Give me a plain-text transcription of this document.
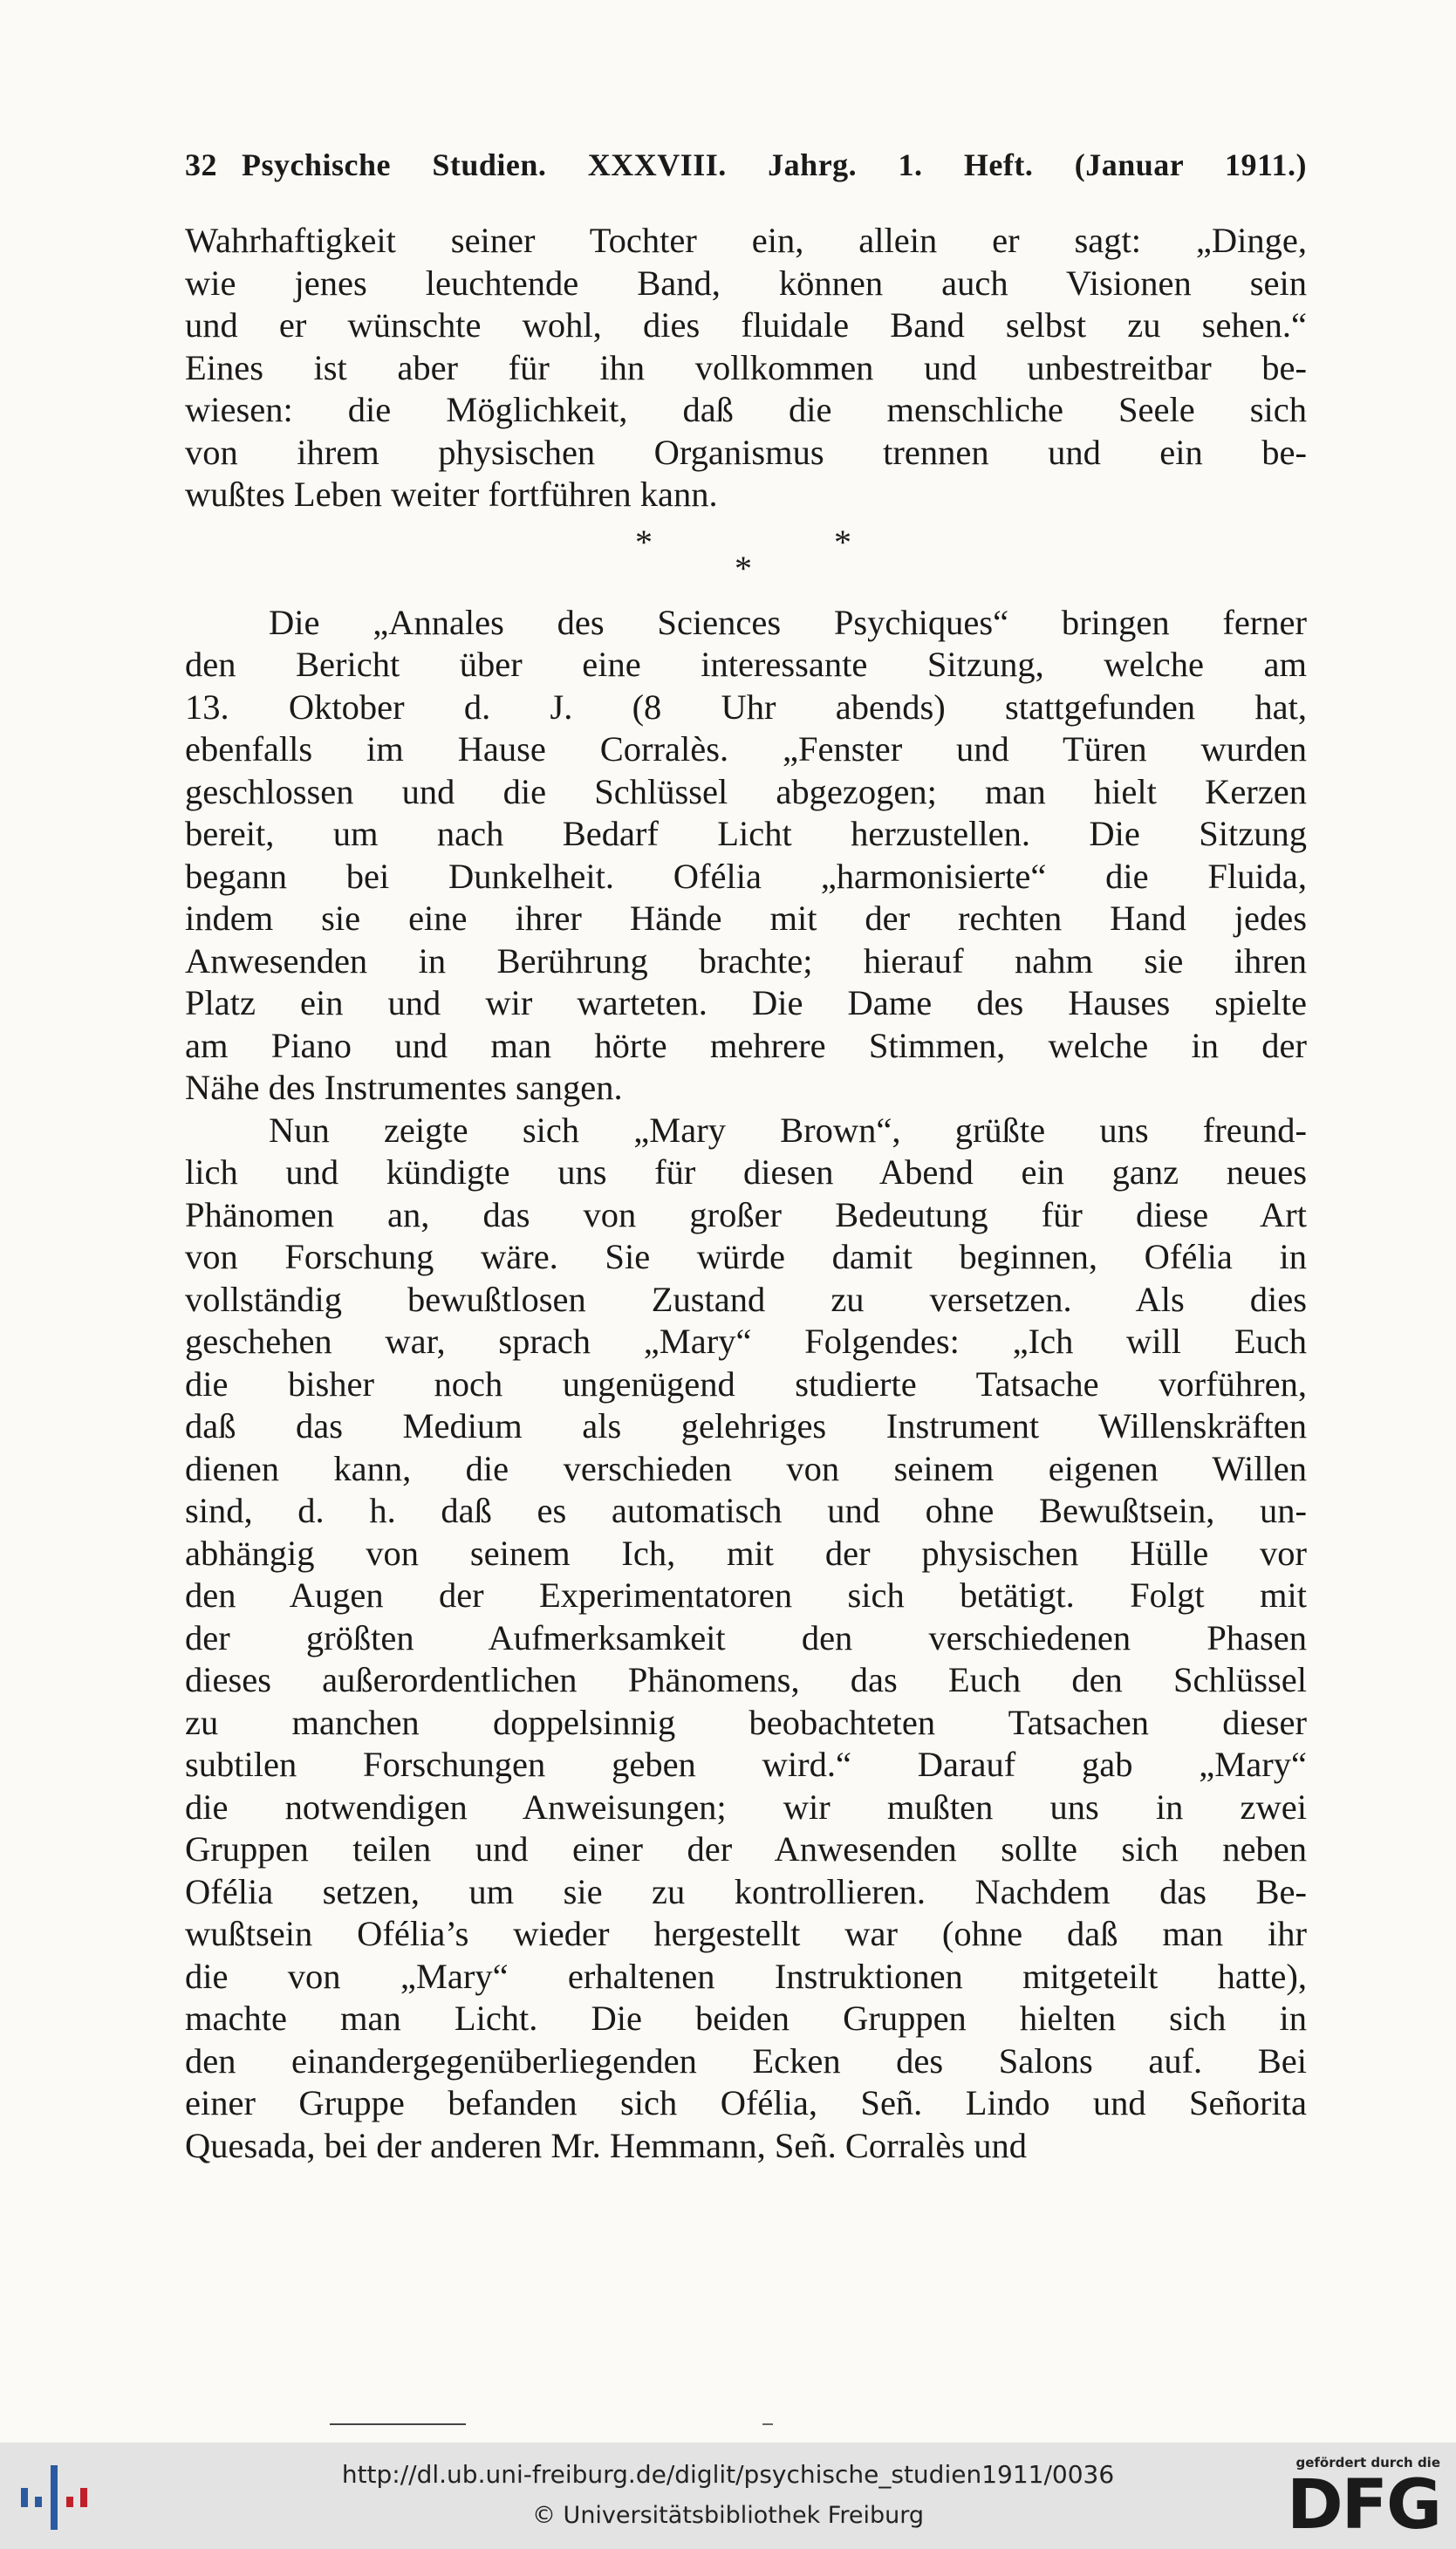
32 Psychische Studien. XXXVIII. Jahrg. 1. Heft. (Januar 1911.)
Wahrhaftigkeit seiner Tochter ein, allein er sagt: „Dinge,
wie jenes leuchtende Band, können auch Visionen sein
und er wünschte wohl, dies fluidale Band selbst zu sehen.“
Eines ist aber für ihn vollkommen und unbestreitbar be-
wiesen: die Möglichkeit, daß die menschliche Seele sich
von ihrem physischen Organismus trennen und ein be-
wußtes Leben weiter fortführen kann.
*
*
*
Die „Annales des Sciences Psychiques“ bringen ferner
den Bericht über eine interessante Sitzung, welche am
13. Oktober d. J. (8 Uhr abends) stattgefunden hat,
ebenfalls im Hause Corralès. „Fenster und Türen wurden
geschlossen und die Schlüssel abgezogen; man hielt Kerzen
bereit, um nach Bedarf Licht herzustellen. Die Sitzung
begann bei Dunkelheit. Ofélia „harmonisierte“ die Fluida,
indem sie eine ihrer Hände mit der rechten Hand jedes
Anwesenden in Berührung brachte; hierauf nahm sie ihren
Platz ein und wir warteten. Die Dame des Hauses spielte
am Piano und man hörte mehrere Stimmen, welche in der
Nähe des Instrumentes sangen.
Nun zeigte sich „Mary Brown“, grüßte uns freund-
lich und kündigte uns für diesen Abend ein ganz neues
Phänomen an, das von großer Bedeutung für diese Art
von Forschung wäre. Sie würde damit beginnen, Ofélia in
vollständig bewußtlosen Zustand zu versetzen. Als dies
geschehen war, sprach „Mary“ Folgendes: „Ich will Euch
die bisher noch ungenügend studierte Tatsache vorführen,
daß das Medium als gelehriges Instrument Willenskräften
dienen kann, die verschieden von seinem eigenen Willen
sind, d. h. daß es automatisch und ohne Bewußtsein, un-
abhängig von seinem Ich, mit der physischen Hülle vor
den Augen der Experimentatoren sich betätigt. Folgt mit
der größten Aufmerksamkeit den verschiedenen Phasen
dieses außerordentlichen Phänomens, das Euch den Schlüssel
zu manchen doppelsinnig beobachteten Tatsachen dieser
subtilen Forschungen geben wird.“ Darauf gab „Mary“
die notwendigen Anweisungen; wir mußten uns in zwei
Gruppen teilen und einer der Anwesenden sollte sich neben
Ofélia setzen, um sie zu kontrollieren. Nachdem das Be-
wußtsein Ofélia’s wieder hergestellt war (ohne daß man ihr
die von „Mary“ erhaltenen Instruktionen mitgeteilt hatte),
machte man Licht. Die beiden Gruppen hielten sich in
den einandergegenüberliegenden Ecken des Salons auf. Bei
einer Gruppe befanden sich Ofélia, Señ. Lindo und Señorita
Quesada, bei der anderen Mr. Hemmann, Señ. Corralès und
http://dl.ub.uni-freiburg.de/diglit/psychische_studien1911/0036
© Universitätsbibliothek Freiburg
gefördert durch die
DFG
